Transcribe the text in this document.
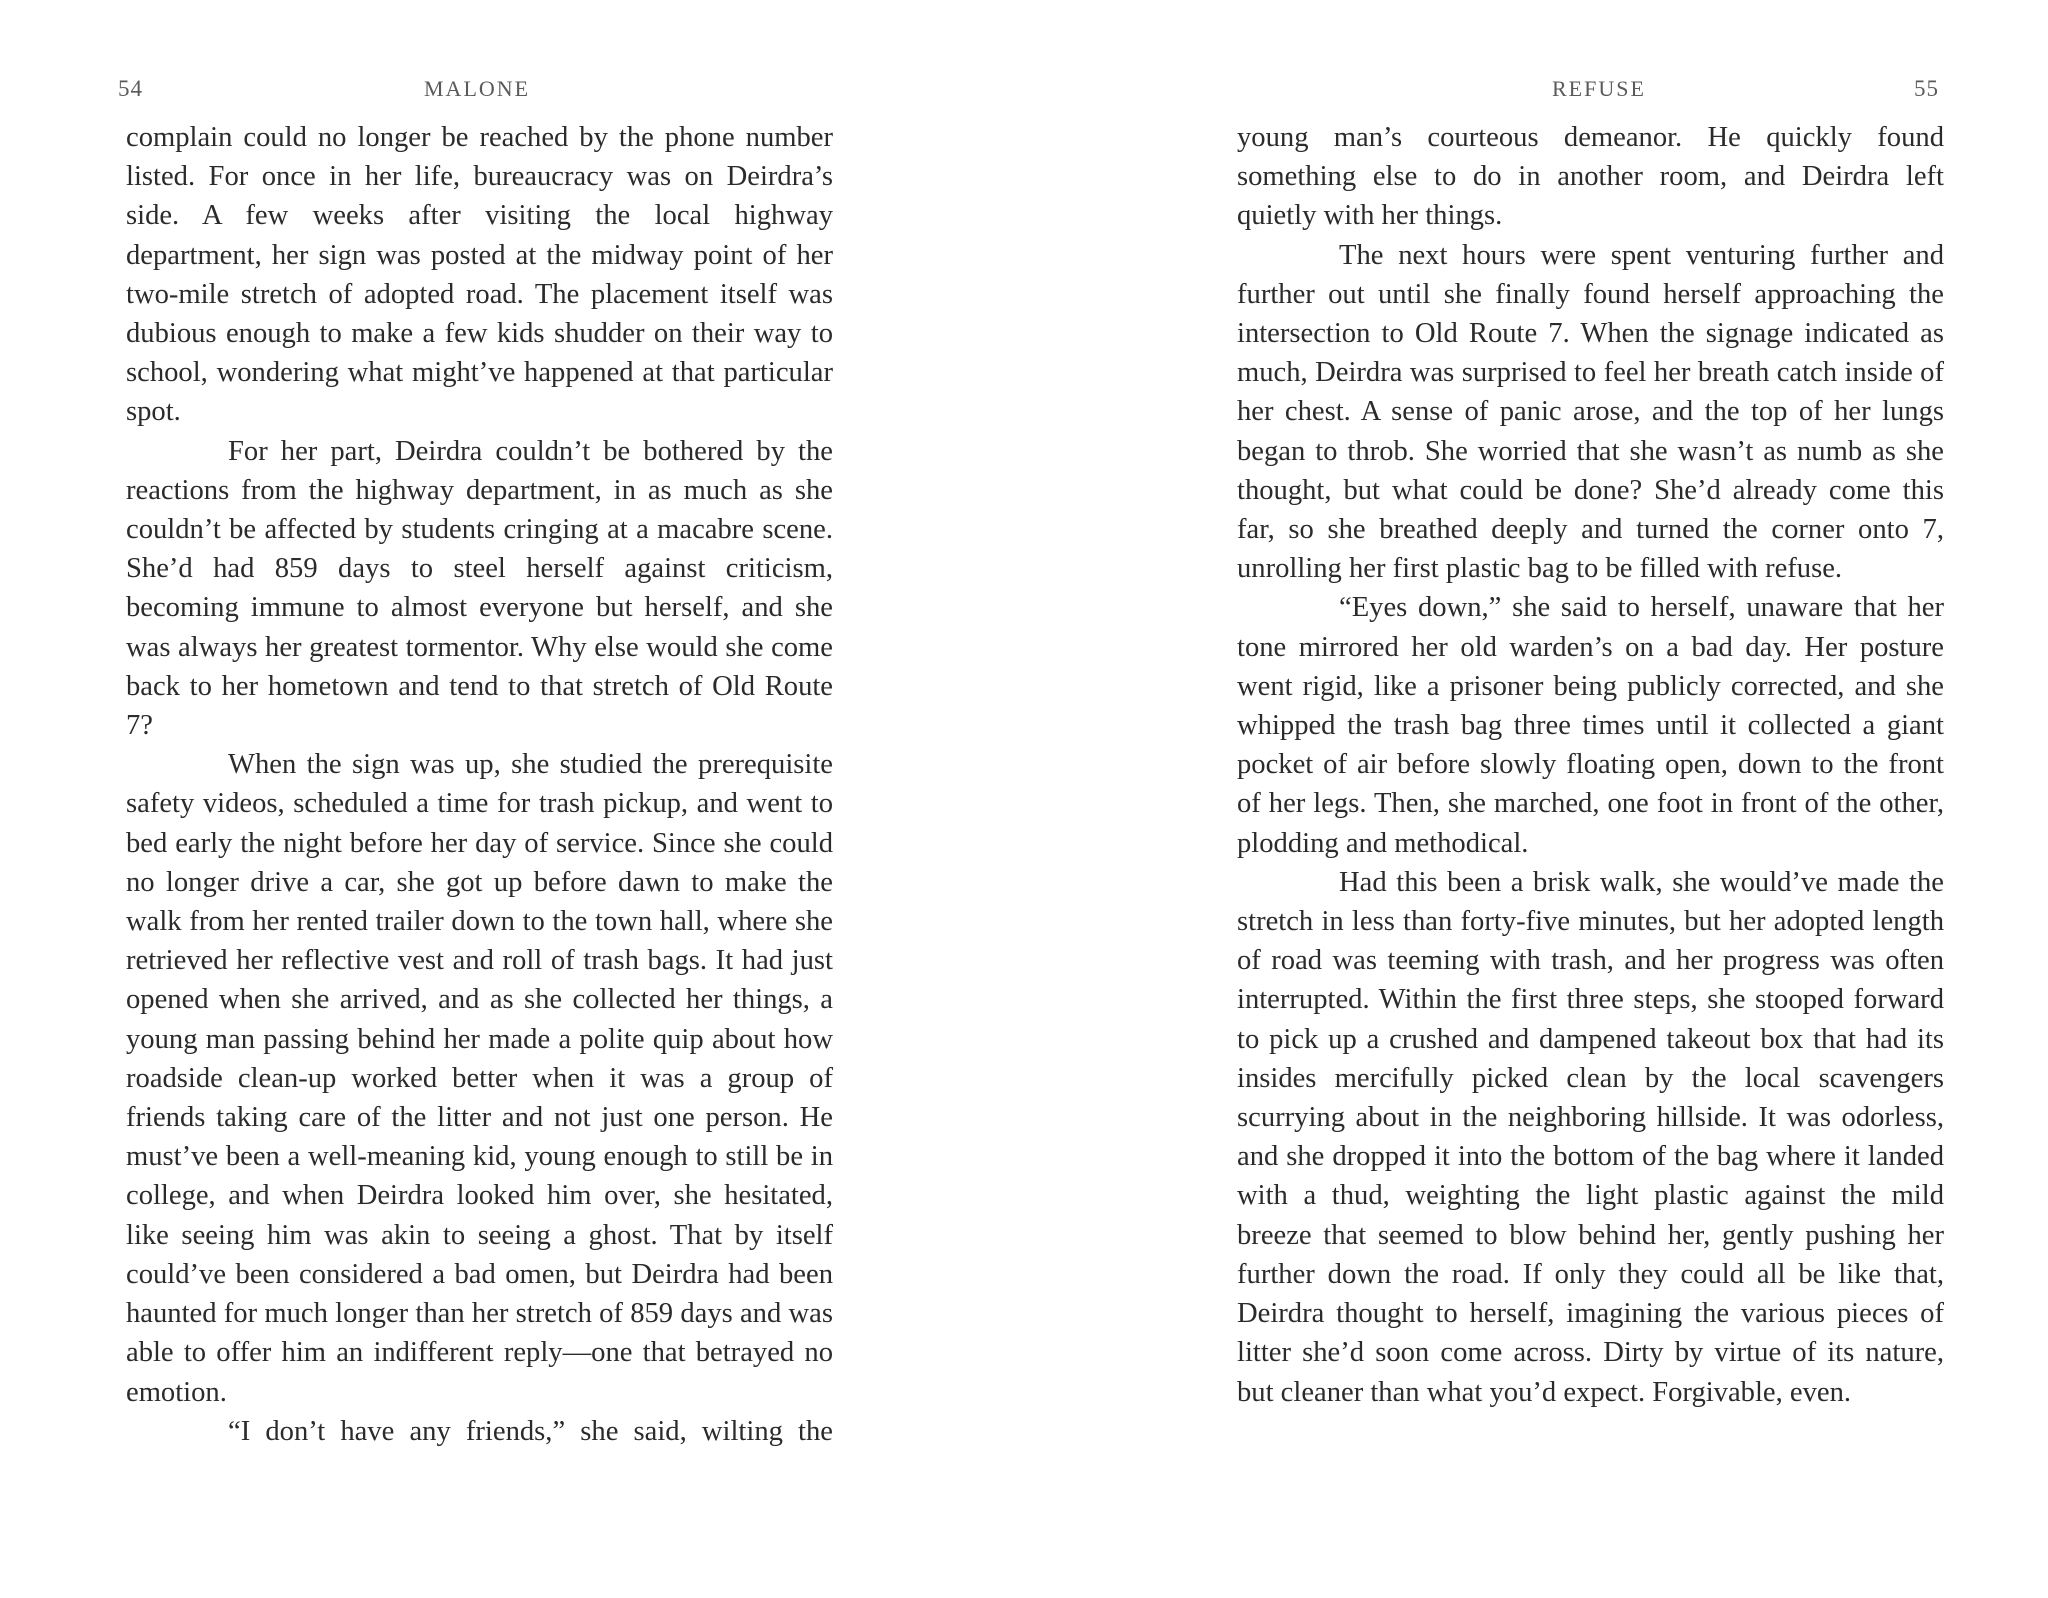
54	MALONE

complain could no longer be reached by the phone number listed. For once in her life, bureaucracy was on Deirdra’s side. A few weeks after visiting the local highway department, her sign was posted at the midway point of her two-mile stretch of adopted road. The placement itself was dubious enough to make a few kids shudder on their way to school, wondering what might’ve happened at that particular spot.

For her part, Deirdra couldn’t be bothered by the reactions from the highway department, in as much as she couldn’t be affected by students cringing at a macabre scene. She’d had 859 days to steel herself against criticism, becoming immune to almost everyone but herself, and she was always her greatest tormentor. Why else would she come back to her hometown and tend to that stretch of Old Route 7?

When the sign was up, she studied the prerequisite safety videos, scheduled a time for trash pickup, and went to bed early the night before her day of service. Since she could no longer drive a car, she got up before dawn to make the walk from her rented trailer down to the town hall, where she retrieved her reflective vest and roll of trash bags. It had just opened when she arrived, and as she collected her things, a young man passing behind her made a polite quip about how roadside clean-up worked better when it was a group of friends taking care of the litter and not just one person. He must’ve been a well-meaning kid, young enough to still be in college, and when Deirdra looked him over, she hesitated, like seeing him was akin to seeing a ghost. That by itself could’ve been considered a bad omen, but Deirdra had been haunted for much longer than her stretch of 859 days and was able to offer him an indifferent reply—one that betrayed no emotion.

“I don’t have any friends,” she said, wilting the

REFUSE	55

young man’s courteous demeanor. He quickly found something else to do in another room, and Deirdra left quietly with her things.

The next hours were spent venturing further and further out until she finally found herself approaching the intersection to Old Route 7. When the signage indicated as much, Deirdra was surprised to feel her breath catch inside of her chest. A sense of panic arose, and the top of her lungs began to throb. She worried that she wasn’t as numb as she thought, but what could be done? She’d already come this far, so she breathed deeply and turned the corner onto 7, unrolling her first plastic bag to be filled with refuse.

“Eyes down,” she said to herself, unaware that her tone mirrored her old warden’s on a bad day. Her posture went rigid, like a prisoner being publicly corrected, and she whipped the trash bag three times until it collected a giant pocket of air before slowly floating open, down to the front of her legs. Then, she marched, one foot in front of the other, plodding and methodical.

Had this been a brisk walk, she would’ve made the stretch in less than forty-five minutes, but her adopted length of road was teeming with trash, and her progress was often interrupted. Within the first three steps, she stooped forward to pick up a crushed and dampened takeout box that had its insides mercifully picked clean by the local scavengers scurrying about in the neighboring hillside. It was odorless, and she dropped it into the bottom of the bag where it landed with a thud, weighting the light plastic against the mild breeze that seemed to blow behind her, gently pushing her further down the road. If only they could all be like that, Deirdra thought to herself, imagining the various pieces of litter she’d soon come across. Dirty by virtue of its nature, but cleaner than what you’d expect. Forgivable, even.
